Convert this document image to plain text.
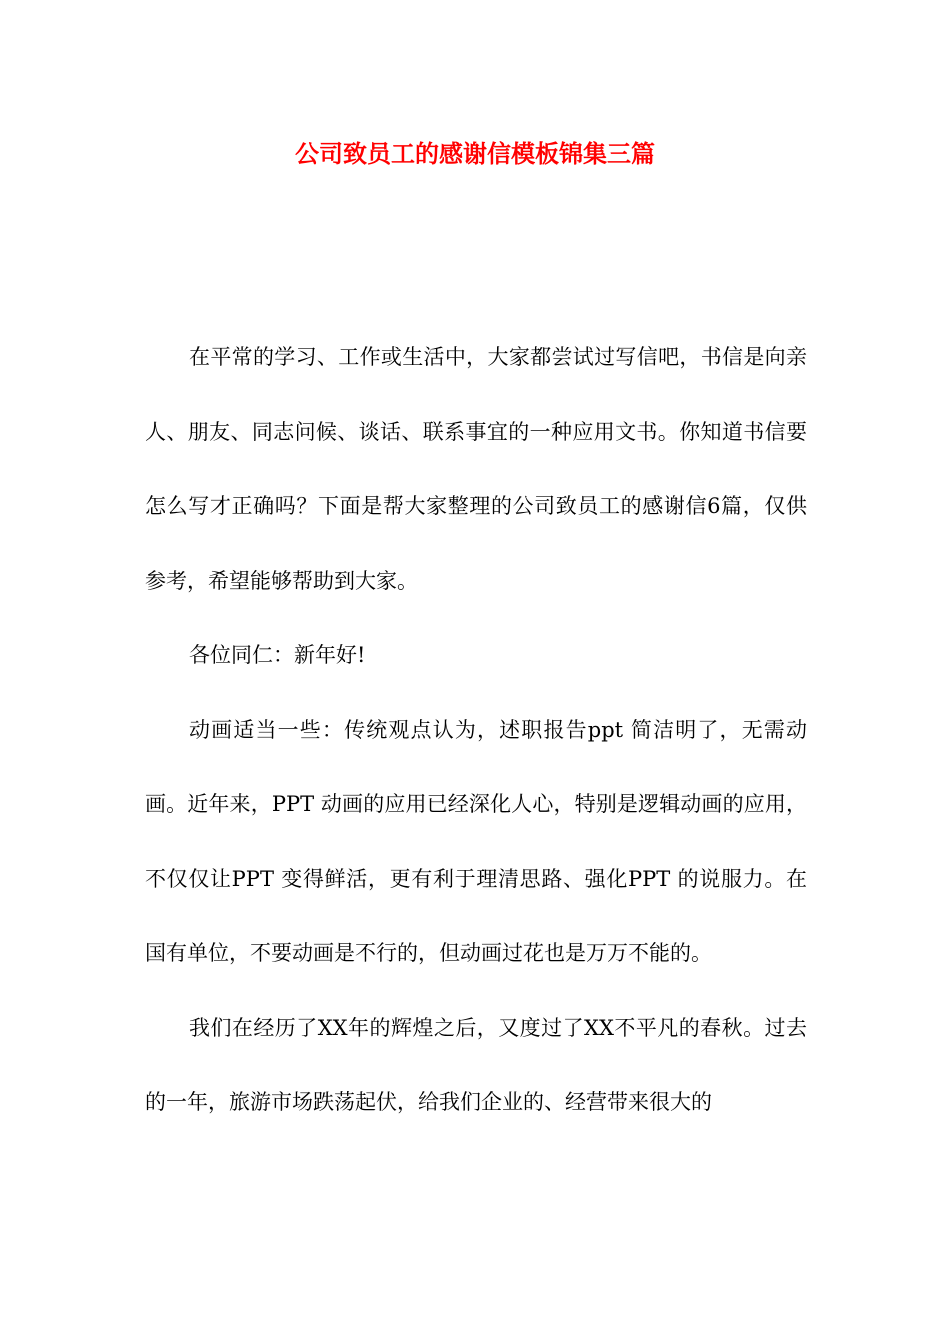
公司致员工的感谢信模板锦集三篇

在平常的学习、工作或生活中，大家都尝试过写信吧，书信是向亲人、朋友、同志问候、谈话、联系事宜的一种应用文书。你知道书信要怎么写才正确吗？下面是帮大家整理的公司致员工的感谢信6篇，仅供参考，希望能够帮助到大家。

各位同仁：新年好!

动画适当一些：传统观点认为，述职报告ppt 简洁明了，无需动画。近年来，PPT 动画的应用已经深化人心，特别是逻辑动画的应用，不仅仅让PPT 变得鲜活，更有利于理清思路、强化PPT 的说服力。在国有单位，不要动画是不行的，但动画过花也是万万不能的。

我们在经历了XX年的辉煌之后，又度过了XX不平凡的春秋。过去的一年，旅游市场跌荡起伏，给我们企业的、经营带来很大的
